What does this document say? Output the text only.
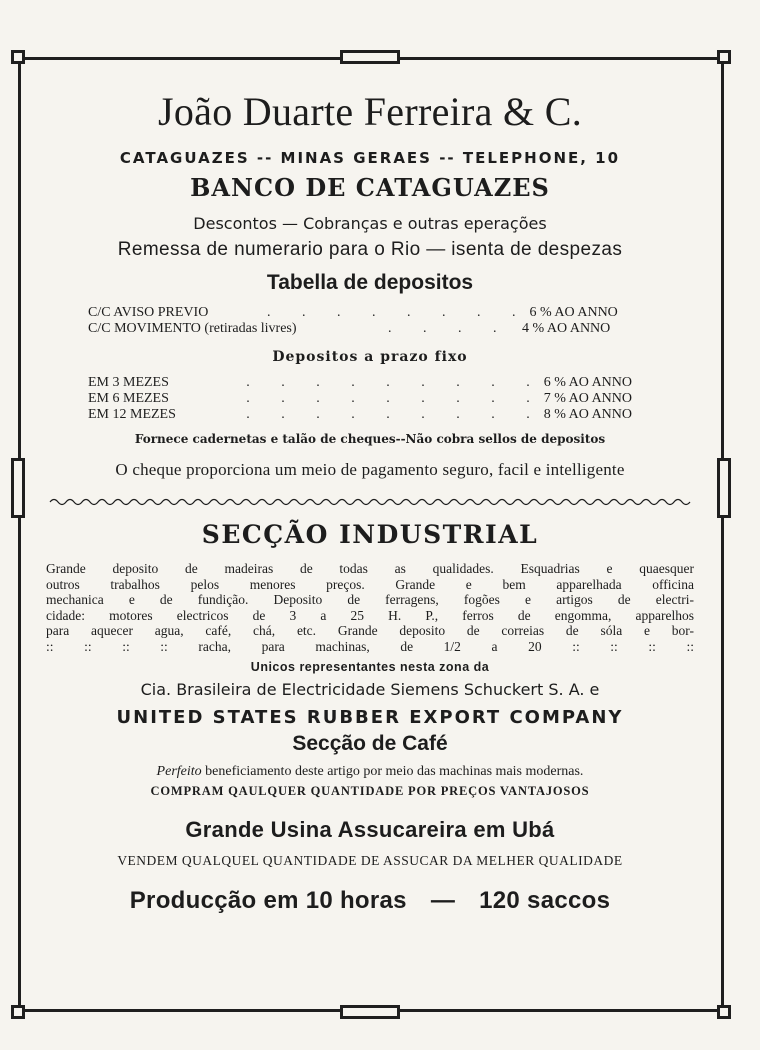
João Duarte Ferreira & C.
CATAGUAZES -- MINAS GERAES -- TELEPHONE, 10
BANCO DE CATAGUAZES
Descontos — Cobranças e outras eperações
Remessa de numerario para o Rio — isenta de despezas
Tabella de depositos
C/C AVISO PREVIO	. . . . . . . . 6 % AO ANNO
C/C MOVIMENTO (retiradas livres)	. . . . 4 % AO ANNO
Depositos a prazo fixo
EM 3 MEZES	. . . . . . . . . 6 % AO ANNO
EM 6 MEZES	. . . . . . . . . 7 % AO ANNO
EM 12 MEZES	. . . . . . . . . 8 % AO ANNO
Fornece cadernetas e talão de cheques--Não cobra sellos de depositos
O cheque proporciona um meio de pagamento seguro, facil e intelligente
SECÇÃO INDUSTRIAL
Grande deposito de madeiras de todas as qualidades. Esquadrias e quaesquer
outros trabalhos pelos menores preços. Grande e bem apparelhada officina
mechanica e de fundição. Deposito de ferragens, fogões e artigos de electri-
cidade: motores electricos de 3 a 25 H. P., ferros de engomma, apparelhos
para aquecer agua, café, chá, etc. Grande deposito de correias de sóla e bor-
:: :: :: :: racha, para machinas, de 1/2 a 20 :: :: :: ::
Unicos representantes nesta zona da
Cia. Brasileira de Electricidade Siemens Schuckert S. A. e
UNITED STATES RUBBER EXPORT COMPANY
Secção de Café
Perfeito beneficiamento deste artigo por meio das machinas mais modernas.
COMPRAM QAULQUER QUANTIDADE POR PREÇOS VANTAJOSOS
Grande Usina Assucareira em Ubá
VENDEM QUALQUEL QUANTIDADE DE ASSUCAR DA MELHER QUALIDADE
Producção em 10 horas — 120 saccos
